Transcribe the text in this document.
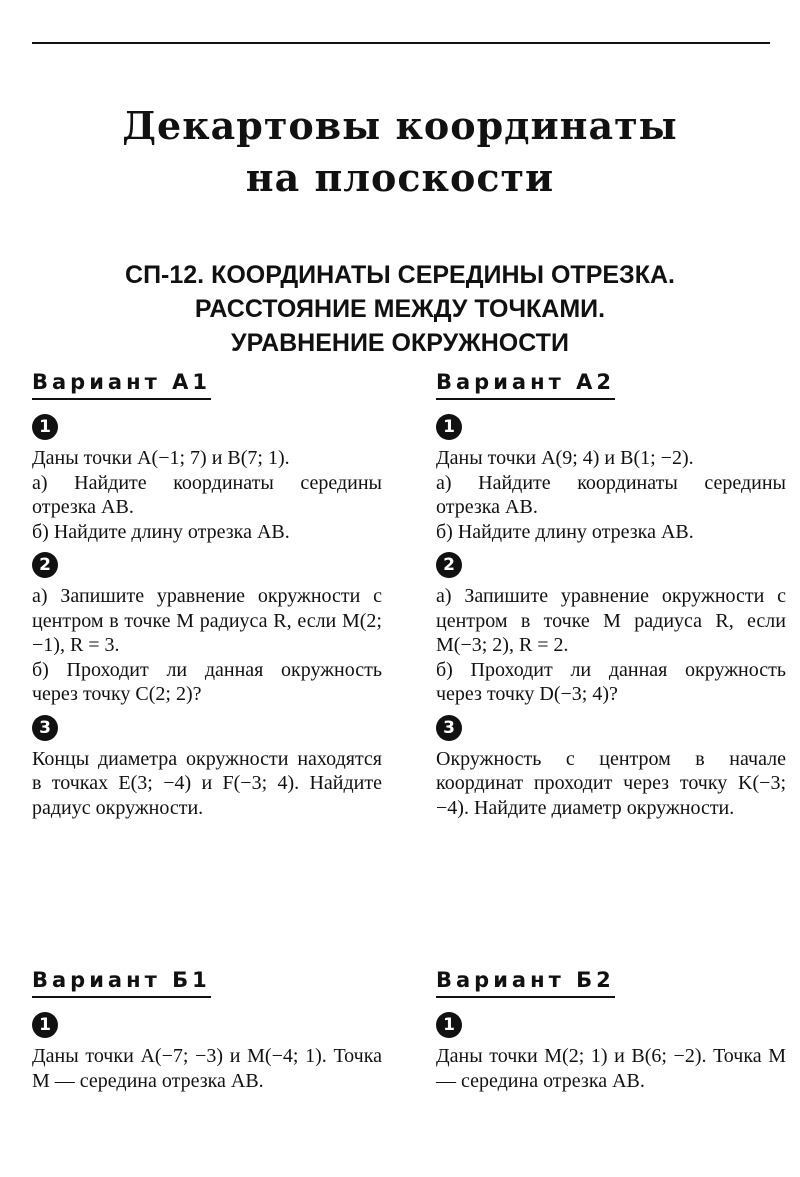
Декартовы координаты
на плоскости
СП-12. КООРДИНАТЫ СЕРЕДИНЫ ОТРЕЗКА.
РАССТОЯНИЕ МЕЖДУ ТОЧКАМИ.
УРАВНЕНИЕ ОКРУЖНОСТИ
Вариант А1
1

Даны точки A(−1; 7) и B(7; 1).

а) Найдите координаты середины отрезка AB.

б) Найдите длину отрезка AB.

2

а) Запишите уравнение окружности с центром в точке M радиуса R, если M(2; −1), R = 3.

б) Проходит ли данная окружность через точку C(2; 2)?

3

Концы диаметра окружности находятся в точках E(3; −4) и F(−3; 4). Найдите радиус окружности.

Вариант А2
1

Даны точки A(9; 4) и B(1; −2).

а) Найдите координаты середины отрезка AB.

б) Найдите длину отрезка AB.

2

а) Запишите уравнение окружности с центром в точке M радиуса R, если M(−3; 2), R = 2.

б) Проходит ли данная окружность через точку D(−3; 4)?

3

Окружность с центром в начале координат проходит через точку K(−3; −4). Найдите диаметр окружности.

Вариант Б1
1

Даны точки A(−7; −3) и M(−4; 1). Точка M — середина отрезка AB.

Вариант Б2
1

Даны точки M(2; 1) и B(6; −2). Точка M — середина отрезка AB.
